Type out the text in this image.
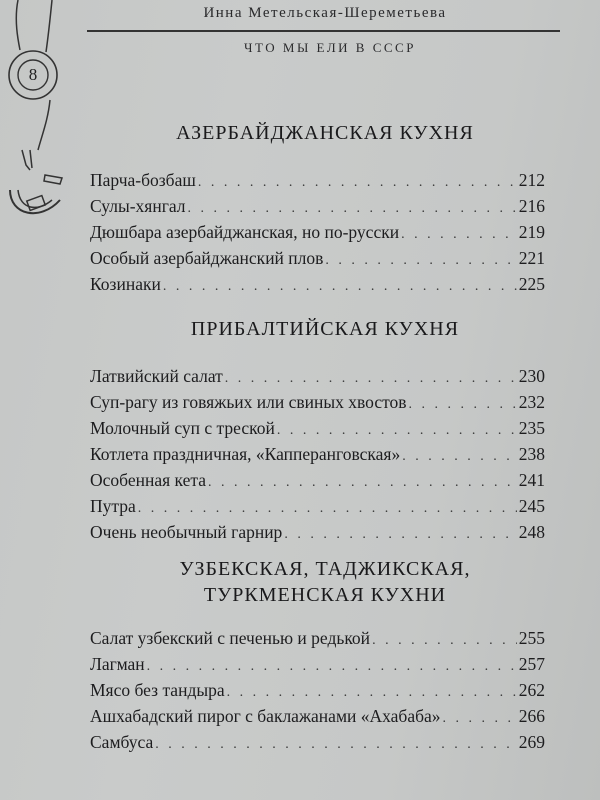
8
Инна Метельская-Шереметьева
ЧТО МЫ ЕЛИ В СССР
АЗЕРБАЙДЖАНСКАЯ КУХНЯ
Парча-бозбаш . . .	212
Сулы-хянгал . . .	216
Дюшбара азербайджанская, но по-русски . . .	219
Особый азербайджанский плов . . .	221
Козинаки . . .	225
ПРИБАЛТИЙСКАЯ КУХНЯ
Латвийский салат . . .	230
Суп-рагу из говяжьих или свиных хвостов . . .	232
Молочный суп с треской . . .	235
Котлета праздничная, «Капперанговская» . . .	238
Особенная кета . . .	241
Путра . . .	245
Очень необычный гарнир . . .	248
УЗБЕКСКАЯ, ТАДЖИКСКАЯ,
ТУРКМЕНСКАЯ КУХНИ
Салат узбекский с печенью и редькой . . .	255
Лагман . . .	257
Мясо без тандыра . . .	262
Ашхабадский пирог с баклажанами «Ахабаба» . . .	266
Самбуса . . .	269
